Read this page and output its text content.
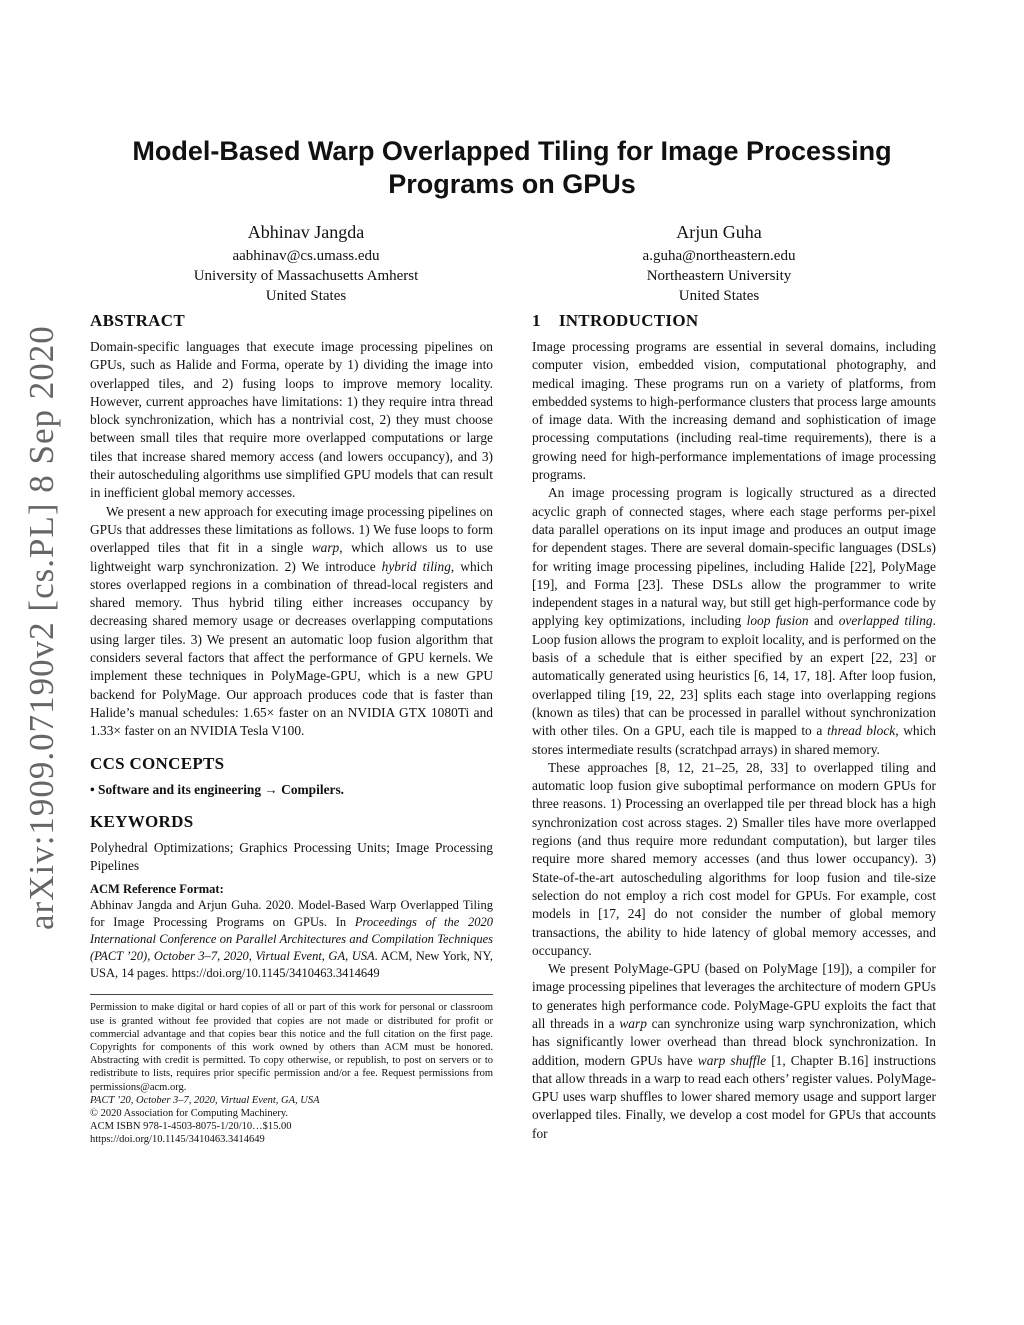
arXiv:1909.07190v2 [cs.PL] 8 Sep 2020
Model-Based Warp Overlapped Tiling for Image Processing
Programs on GPUs
Abhinav Jangda
aabhinav@cs.umass.edu
University of Massachusetts Amherst
United States
Arjun Guha
a.guha@northeastern.edu
Northeastern University
United States
ABSTRACT

Domain-specific languages that execute image processing pipelines on GPUs, such as Halide and Forma, operate by 1) dividing the image into overlapped tiles, and 2) fusing loops to improve memory locality. However, current approaches have limitations: 1) they require intra thread block synchronization, which has a nontrivial cost, 2) they must choose between small tiles that require more overlapped computations or large tiles that increase shared memory access (and lowers occupancy), and 3) their autoscheduling algorithms use simplified GPU models that can result in inefficient global memory accesses.

We present a new approach for executing image processing pipelines on GPUs that addresses these limitations as follows. 1) We fuse loops to form overlapped tiles that fit in a single warp, which allows us to use lightweight warp synchronization. 2) We introduce hybrid tiling, which stores overlapped regions in a combination of thread-local registers and shared memory. Thus hybrid tiling either increases occupancy by decreasing shared memory usage or decreases overlapping computations using larger tiles. 3) We present an automatic loop fusion algorithm that considers several factors that affect the performance of GPU kernels. We implement these techniques in PolyMage-GPU, which is a new GPU backend for PolyMage. Our approach produces code that is faster than Halide’s manual schedules: 1.65× faster on an NVIDIA GTX 1080Ti and 1.33× faster on an NVIDIA Tesla V100.

CCS CONCEPTS

• Software and its engineering → Compilers.

KEYWORDS

Polyhedral Optimizations; Graphics Processing Units; Image Processing Pipelines

ACM Reference Format:

Abhinav Jangda and Arjun Guha. 2020. Model-Based Warp Overlapped Tiling for Image Processing Programs on GPUs. In Proceedings of the 2020 International Conference on Parallel Architectures and Compilation Techniques (PACT ’20), October 3–7, 2020, Virtual Event, GA, USA. ACM, New York, NY, USA, 14 pages. https://doi.org/10.1145/3410463.3414649

Permission to make digital or hard copies of all or part of this work for personal or classroom use is granted without fee provided that copies are not made or distributed for profit or commercial advantage and that copies bear this notice and the full citation on the first page. Copyrights for components of this work owned by others than ACM must be honored. Abstracting with credit is permitted. To copy otherwise, or republish, to post on servers or to redistribute to lists, requires prior specific permission and/or a fee. Request permissions from permissions@acm.org.

PACT ’20, October 3–7, 2020, Virtual Event, GA, USA
© 2020 Association for Computing Machinery.
ACM ISBN 978-1-4503-8075-1/20/10…$15.00
https://doi.org/10.1145/3410463.3414649
1 INTRODUCTION

Image processing programs are essential in several domains, including computer vision, embedded vision, computational photography, and medical imaging. These programs run on a variety of platforms, from embedded systems to high-performance clusters that process large amounts of image data. With the increasing demand and sophistication of image processing computations (including real-time requirements), there is a growing need for high-performance implementations of image processing programs.

An image processing program is logically structured as a directed acyclic graph of connected stages, where each stage performs per-pixel data parallel operations on its input image and produces an output image for dependent stages. There are several domain-specific languages (DSLs) for writing image processing pipelines, including Halide [22], PolyMage [19], and Forma [23]. These DSLs allow the programmer to write independent stages in a natural way, but still get high-performance code by applying key optimizations, including loop fusion and overlapped tiling. Loop fusion allows the program to exploit locality, and is performed on the basis of a schedule that is either specified by an expert [22, 23] or automatically generated using heuristics [6, 14, 17, 18]. After loop fusion, overlapped tiling [19, 22, 23] splits each stage into overlapping regions (known as tiles) that can be processed in parallel without synchronization with other tiles. On a GPU, each tile is mapped to a thread block, which stores intermediate results (scratchpad arrays) in shared memory.

These approaches [8, 12, 21–25, 28, 33] to overlapped tiling and automatic loop fusion give suboptimal performance on modern GPUs for three reasons. 1) Processing an overlapped tile per thread block has a high synchronization cost across stages. 2) Smaller tiles have more overlapped regions (and thus require more redundant computation), but larger tiles require more shared memory accesses (and thus lower occupancy). 3) State-of-the-art autoscheduling algorithms for loop fusion and tile-size selection do not employ a rich cost model for GPUs. For example, cost models in [17, 24] do not consider the number of global memory transactions, the ability to hide latency of global memory accesses, and occupancy.

We present PolyMage-GPU (based on PolyMage [19]), a compiler for image processing pipelines that leverages the architecture of modern GPUs to generates high performance code. PolyMage-GPU exploits the fact that all threads in a warp can synchronize using warp synchronization, which has significantly lower overhead than thread block synchronization. In addition, modern GPUs have warp shuffle [1, Chapter B.16] instructions that allow threads in a warp to read each others’ register values. PolyMage-GPU uses warp shuffles to lower shared memory usage and support larger overlapped tiles. Finally, we develop a cost model for GPUs that accounts for
